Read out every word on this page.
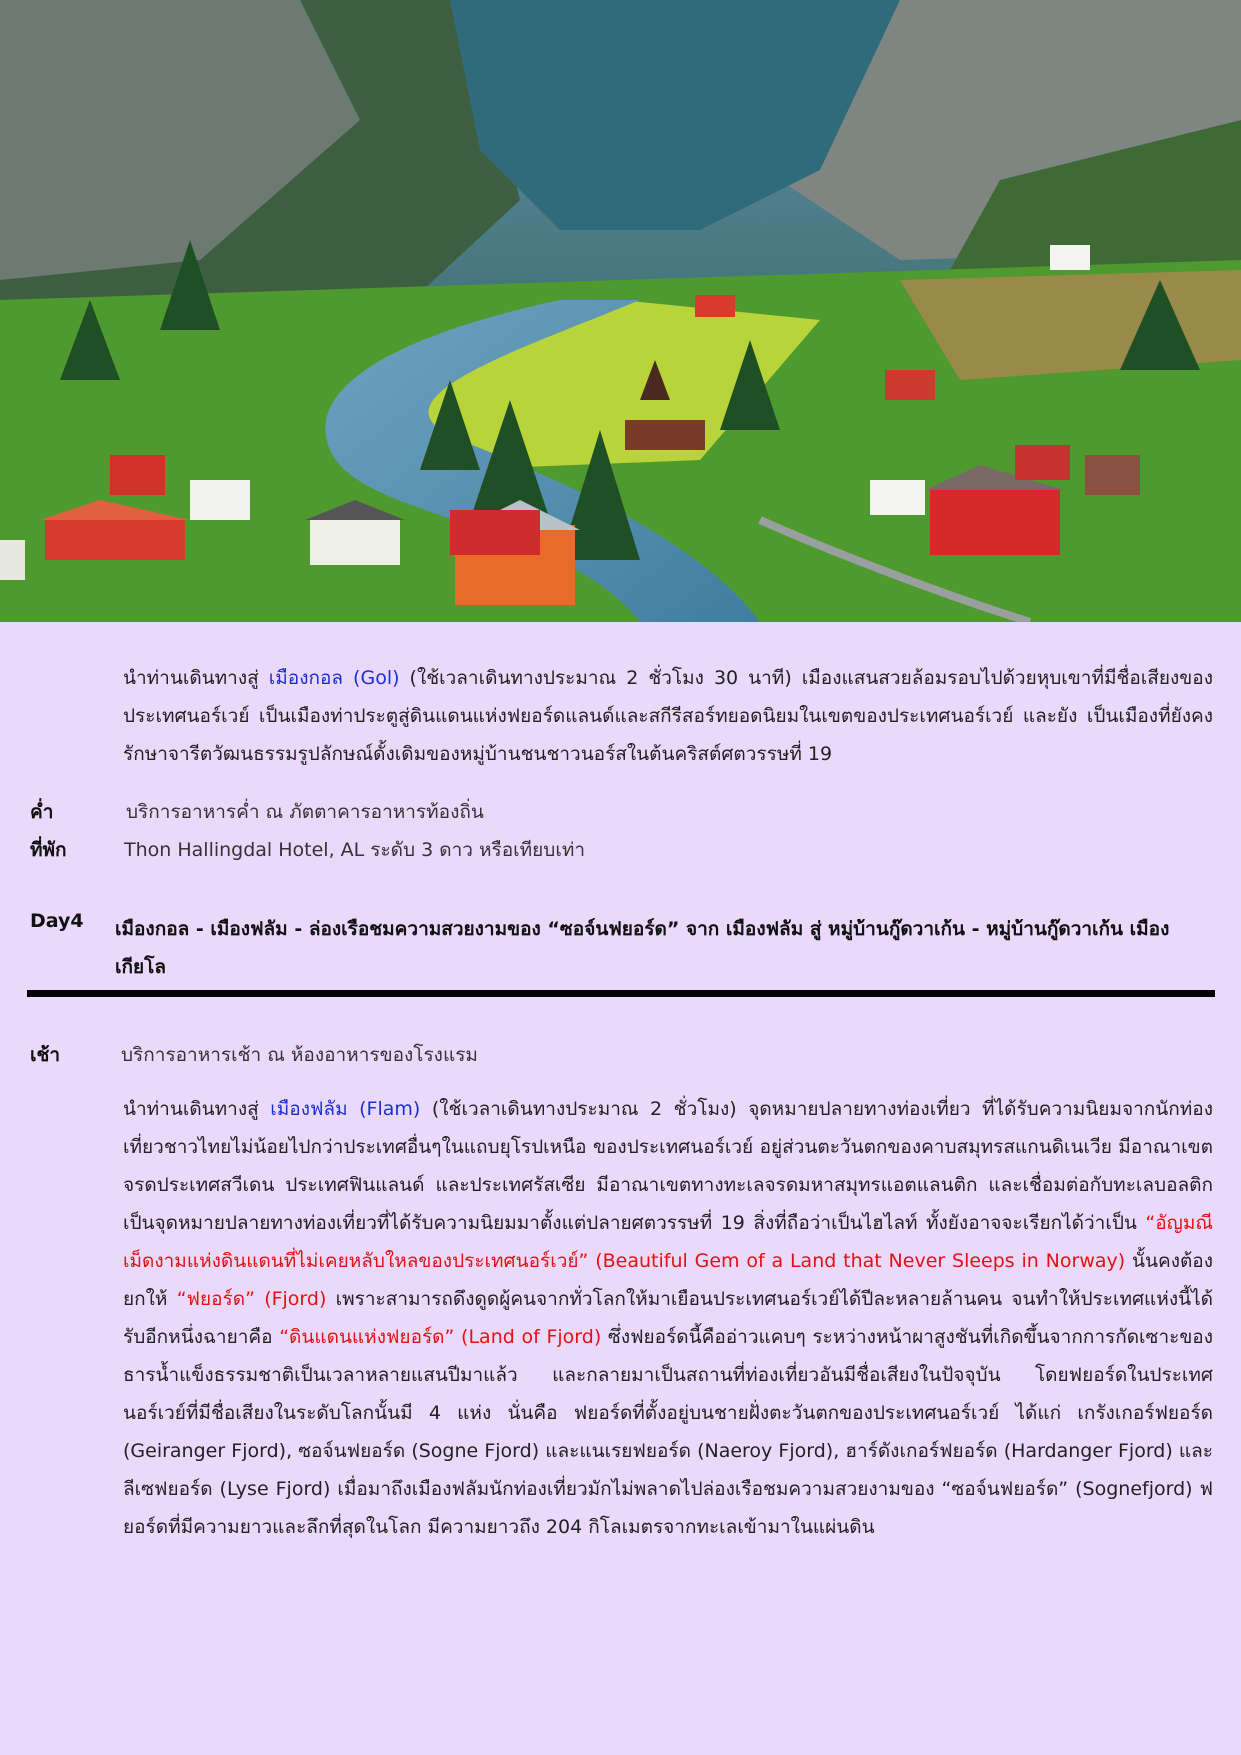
นำท่านเดินทางสู่ เมืองกอล (Gol) (ใช้เวลาเดินทางประมาณ 2 ชั่วโมง 30 นาที) เมืองแสนสวยล้อมรอบไปด้วยหุบเขาที่มีชื่อเสียงของประเทศนอร์เวย์ เป็นเมืองท่าประตูสู่ดินแดนแห่งฟยอร์ดแลนด์และสกีรีสอร์ทยอดนิยมในเขตของประเทศนอร์เวย์ และยัง เป็นเมืองที่ยังคงรักษาจารีตวัฒนธรรมรูปลักษณ์ดั้งเดิมของหมู่บ้านชนชาวนอร์สในต้นคริสต์ศตวรรษที่ 19
ค่ำ	บริการอาหารค่ำ ณ ภัตตาคารอาหารท้องถิ่น
ที่พัก	Thon Hallingdal Hotel, AL ระดับ 3 ดาว หรือเทียบเท่า
Day4 เมืองกอล - เมืองฟลัม - ล่องเรือชมความสวยงามของ “ซอจ์นฟยอร์ด” จาก เมืองฟลัม สู่ หมู่บ้านกู๊ดวาเก้น - หมู่บ้านกู๊ดวาเก้น เมืองเกียโล
เช้า	บริการอาหารเช้า ณ ห้องอาหารของโรงแรม
นำท่านเดินทางสู่ เมืองฟลัม (Flam) (ใช้เวลาเดินทางประมาณ 2 ชั่วโมง) จุดหมายปลายทางท่องเที่ยว ที่ได้รับความนิยมจากนักท่องเที่ยวชาวไทยไม่น้อยไปกว่าประเทศอื่นๆในแถบยุโรปเหนือ ของประเทศนอร์เวย์ อยู่ส่วนตะวันตกของคาบสมุทรสแกนดิเนเวีย มีอาณาเขตจรดประเทศสวีเดน ประเทศฟินแลนด์ และประเทศรัสเซีย มีอาณาเขตทางทะเลจรดมหาสมุทรแอตแลนติก และเชื่อมต่อกับทะเลบอลติก เป็นจุดหมายปลายทางท่องเที่ยวที่ได้รับความนิยมมาตั้งแต่ปลายศตวรรษที่ 19 สิ่งที่ถือว่าเป็นไฮไลท์ ทั้งยังอาจจะเรียกได้ว่าเป็น “อัญมณีเม็ดงามแห่งดินแดนที่ไม่เคยหลับใหลของประเทศนอร์เวย์” (Beautiful Gem of a Land that Never Sleeps in Norway) นั้นคงต้องยกให้ “ฟยอร์ด” (Fjord) เพราะสามารถดึงดูดผู้คนจากทั่วโลกให้มาเยือนประเทศนอร์เวย์ได้ปีละหลายล้านคน จนทำให้ประเทศแห่งนี้ได้รับอีกหนึ่งฉายาคือ “ดินแดนแห่งฟยอร์ด” (Land of Fjord) ซึ่งฟยอร์ดนี้คืออ่าวแคบๆ ระหว่างหน้าผาสูงชันที่เกิดขึ้นจากการกัดเซาะของธารน้ำแข็งธรรมชาติเป็นเวลาหลายแสนปีมาแล้ว และกลายมาเป็นสถานที่ท่องเที่ยวอันมีชื่อเสียงในปัจจุบัน โดยฟยอร์ดในประเทศนอร์เวย์ที่มีชื่อเสียงในระดับโลกนั้นมี 4 แห่ง นั่นคือ ฟยอร์ดที่ตั้งอยู่บนชายฝั่งตะวันตกของประเทศนอร์เวย์ ได้แก่ เกรังเกอร์ฟยอร์ด (Geiranger Fjord), ซอจ์นฟยอร์ด (Sogne Fjord) และแนเรยฟยอร์ด (Naeroy Fjord), ฮาร์ดังเกอร์ฟยอร์ด (Hardanger Fjord) และลีเซฟยอร์ด (Lyse Fjord) เมื่อมาถึงเมืองฟลัมนักท่องเที่ยวมักไม่พลาดไปล่องเรือชมความสวยงามของ “ซอจ์นฟยอร์ด” (Sognefjord) ฟยอร์ดที่มีความยาวและลึกที่สุดในโลก มีความยาวถึง 204 กิโลเมตรจากทะเลเข้ามาในแผ่นดิน
